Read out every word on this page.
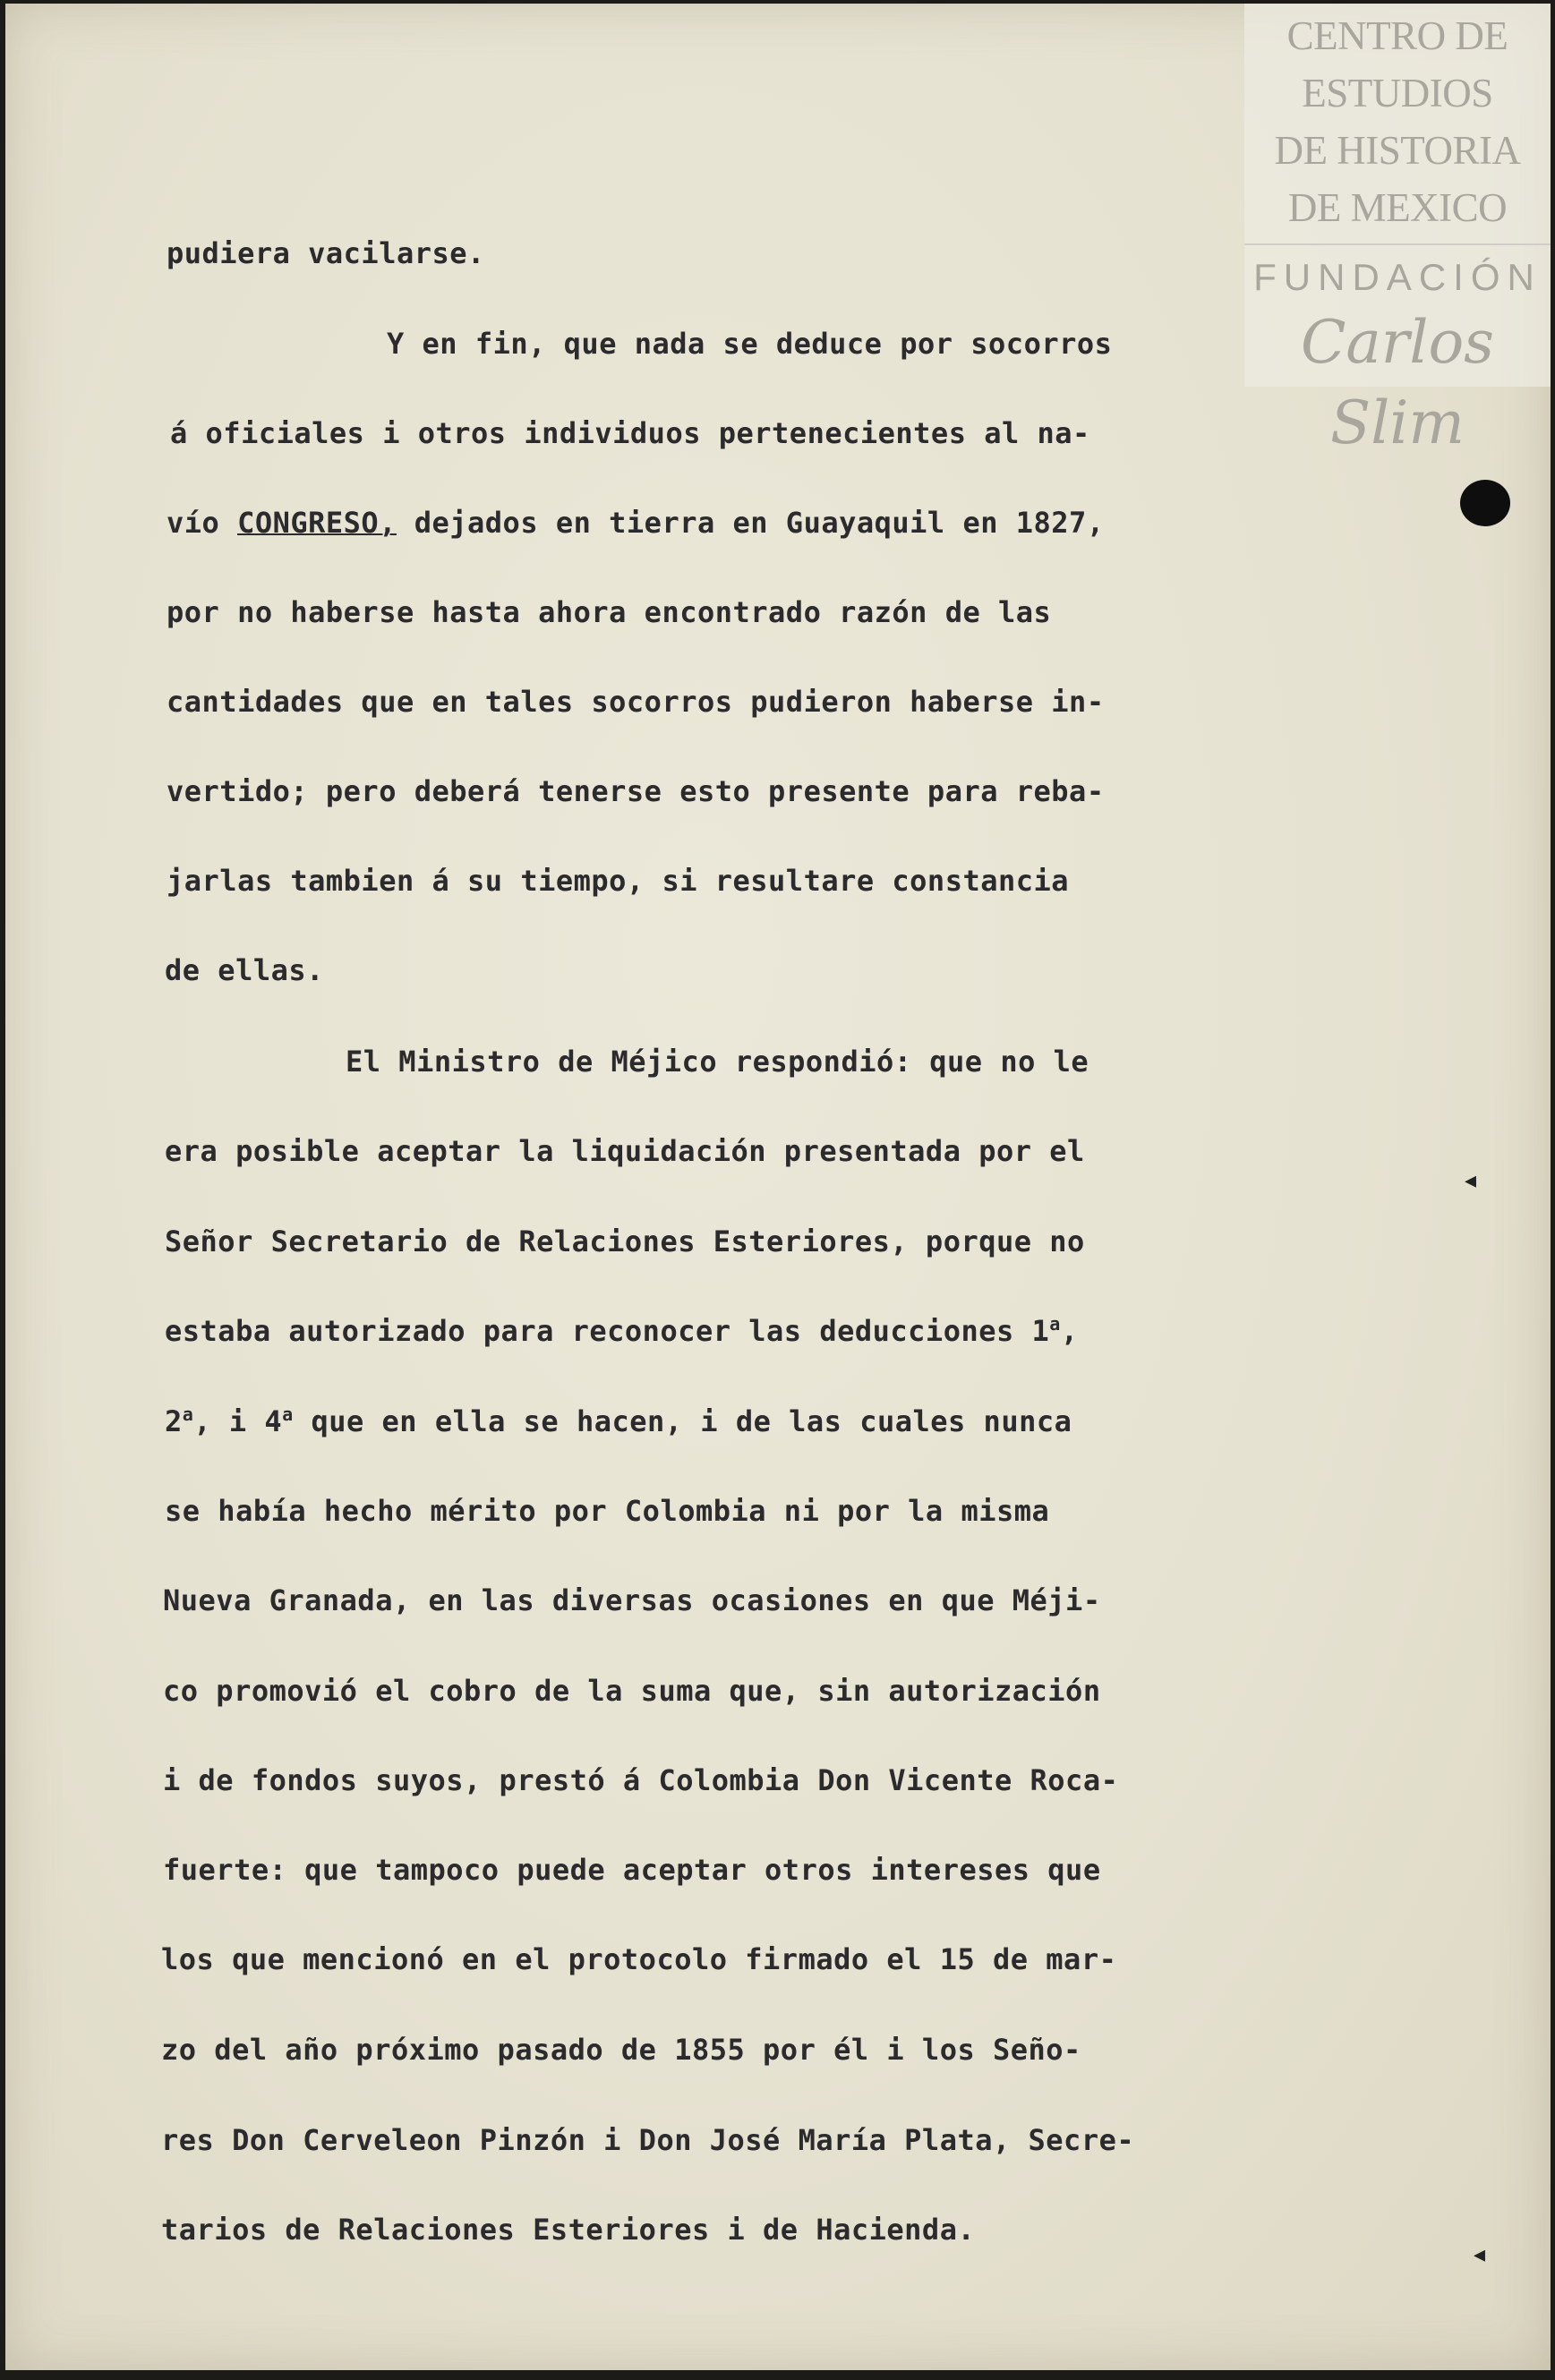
pudiera vacilarse.

Y en fin, que nada se deduce por socorros

á oficiales i otros individuos pertenecientes al na-

vío CONGRESO, dejados en tierra en Guayaquil en 1827,

por no haberse hasta ahora encontrado razón de las

cantidades que en tales socorros pudieron haberse in-

vertido; pero deberá tenerse esto presente para reba-

jarlas tambien á su tiempo, si resultare constancia

de ellas.

El Ministro de Méjico respondió: que no le

era posible aceptar la liquidación presentada por el

Señor Secretario de Relaciones Esteriores, porque no

estaba autorizado para reconocer las deducciones 1$^a$,

2$^a$, i 4$^a$ que en ella se hacen, i de las cuales nunca

se había hecho mérito por Colombia ni por la misma

Nueva Granada, en las diversas ocasiones en que Méji-

co promovió el cobro de la suma que, sin autorización

i de fondos suyos, prestó á Colombia Don Vicente Roca-

fuerte: que tampoco puede aceptar otros intereses que

los que mencionó en el protocolo firmado el 15 de mar-

zo del año próximo pasado de 1855 por él i los Seño-

res Don Cerveleon Pinzón i Don José María Plata, Secre-

tarios de Relaciones Esteriores i de Hacienda.

◂
◂
CENTRO DE
ESTUDIOS
DE HISTORIA
DE MEXICO
FUNDACIÓN
Carlos Slim
